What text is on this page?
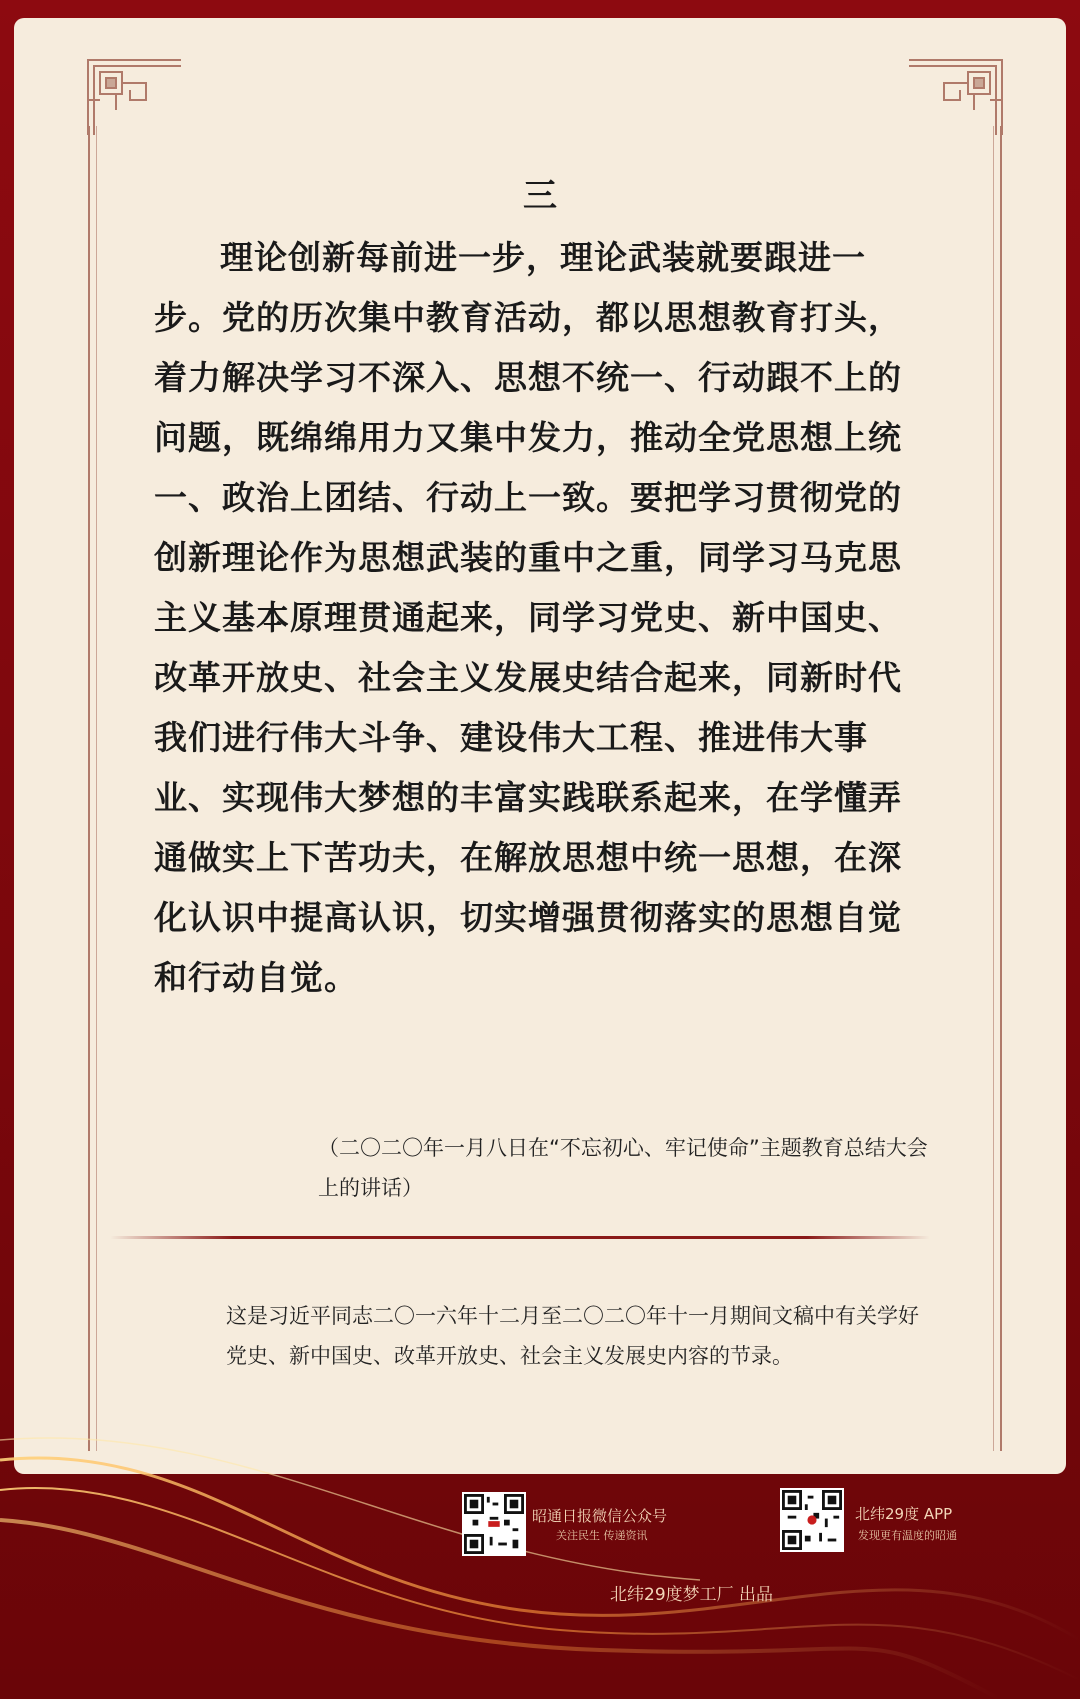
三
理论创新每前进一步，理论武装就要跟进一步。党的历次集中教育活动，都以思想教育打头，着力解决学习不深入、思想不统一、行动跟不上的问题，既绵绵用力又集中发力，推动全党思想上统一、政治上团结、行动上一致。要把学习贯彻党的创新理论作为思想武装的重中之重，同学习马克思主义基本原理贯通起来，同学习党史、新中国史、改革开放史、社会主义发展史结合起来，同新时代我们进行伟大斗争、建设伟大工程、推进伟大事业、实现伟大梦想的丰富实践联系起来，在学懂弄通做实上下苦功夫，在解放思想中统一思想，在深化认识中提高认识，切实增强贯彻落实的思想自觉和行动自觉。
（二〇二〇年一月八日在“不忘初心、牢记使命”主题教育总结大会上的讲话）
这是习近平同志二〇一六年十二月至二〇二〇年十一月期间文稿中有关学好党史、新中国史、改革开放史、社会主义发展史内容的节录。
昭通日报微信公众号
关注民生 传递资讯
北纬29度 APP
发现更有温度的昭通
北纬29度梦工厂 出品
